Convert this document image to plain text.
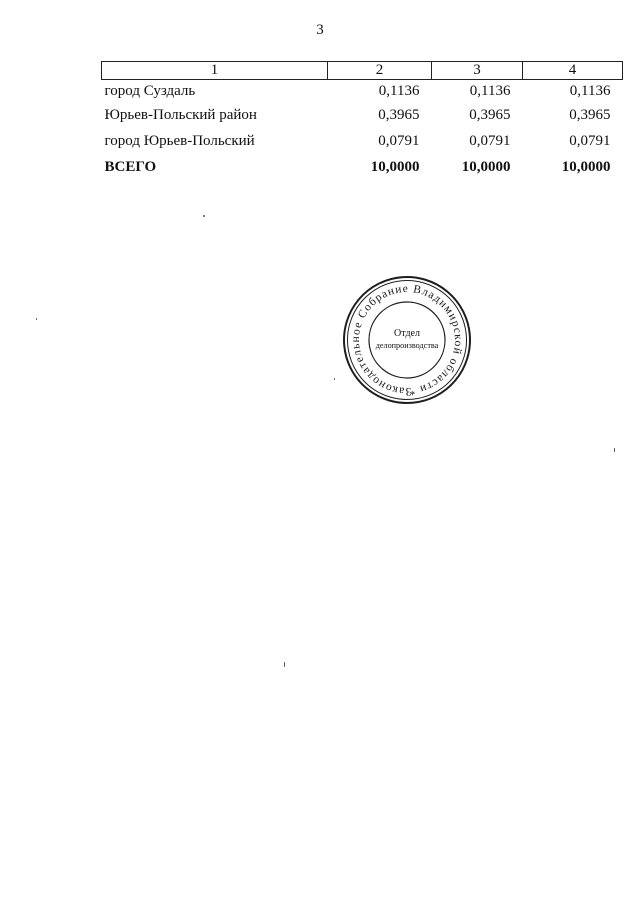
3
1	2	3	4
город Суздаль	0,1136	0,1136	0,1136
Юрьев-Польский район	0,3965	0,3965	0,3965
город Юрьев-Польский	0,0791	0,0791	0,0791
ВСЕГО	10,0000	10,0000	10,0000
Законодательное Собрание Владимирской области *
Отдел
делопроизводства
